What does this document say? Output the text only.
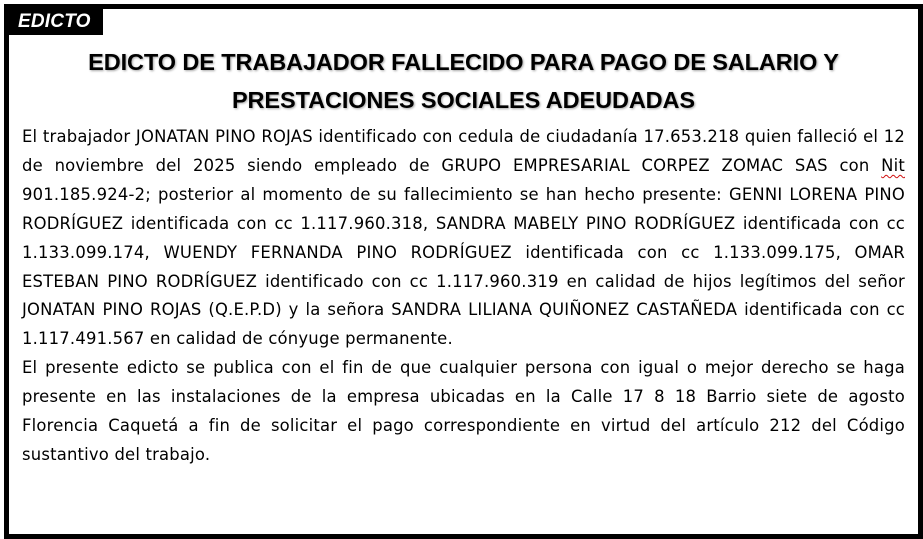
EDICTO
EDICTO DE TRABAJADOR FALLECIDO PARA PAGO DE SALARIO Y
PRESTACIONES SOCIALES ADEUDADAS

El trabajador JONATAN PINO ROJAS identificado con cedula de ciudadanía 17.653.218 quien falleció el 12 de noviembre del 2025 siendo empleado de GRUPO EMPRESARIAL CORPEZ ZOMAC SAS con Nit 901.185.924-2; posterior al momento de su fallecimiento se han hecho presente: GENNI LORENA PINO RODRÍGUEZ identificada con cc 1.117.960.318, SANDRA MABELY PINO RODRÍGUEZ identificada con cc 1.133.099.174, WUENDY FERNANDA PINO RODRÍGUEZ identificada con cc 1.133.099.175, OMAR ESTEBAN PINO RODRÍGUEZ identificado con cc 1.117.960.319 en calidad de hijos legítimos del señor JONATAN PINO ROJAS (Q.E.P.D) y la señora SANDRA LILIANA QUIÑONEZ CASTAÑEDA identificada con cc 1.117.491.567 en calidad de cónyuge permanente.

El presente edicto se publica con el fin de que cualquier persona con igual o mejor derecho se haga presente en las instalaciones de la empresa ubicadas en la Calle 17 8 18 Barrio siete de agosto Florencia Caquetá a fin de solicitar el pago correspondiente en virtud del artículo 212 del Código sustantivo del trabajo.
